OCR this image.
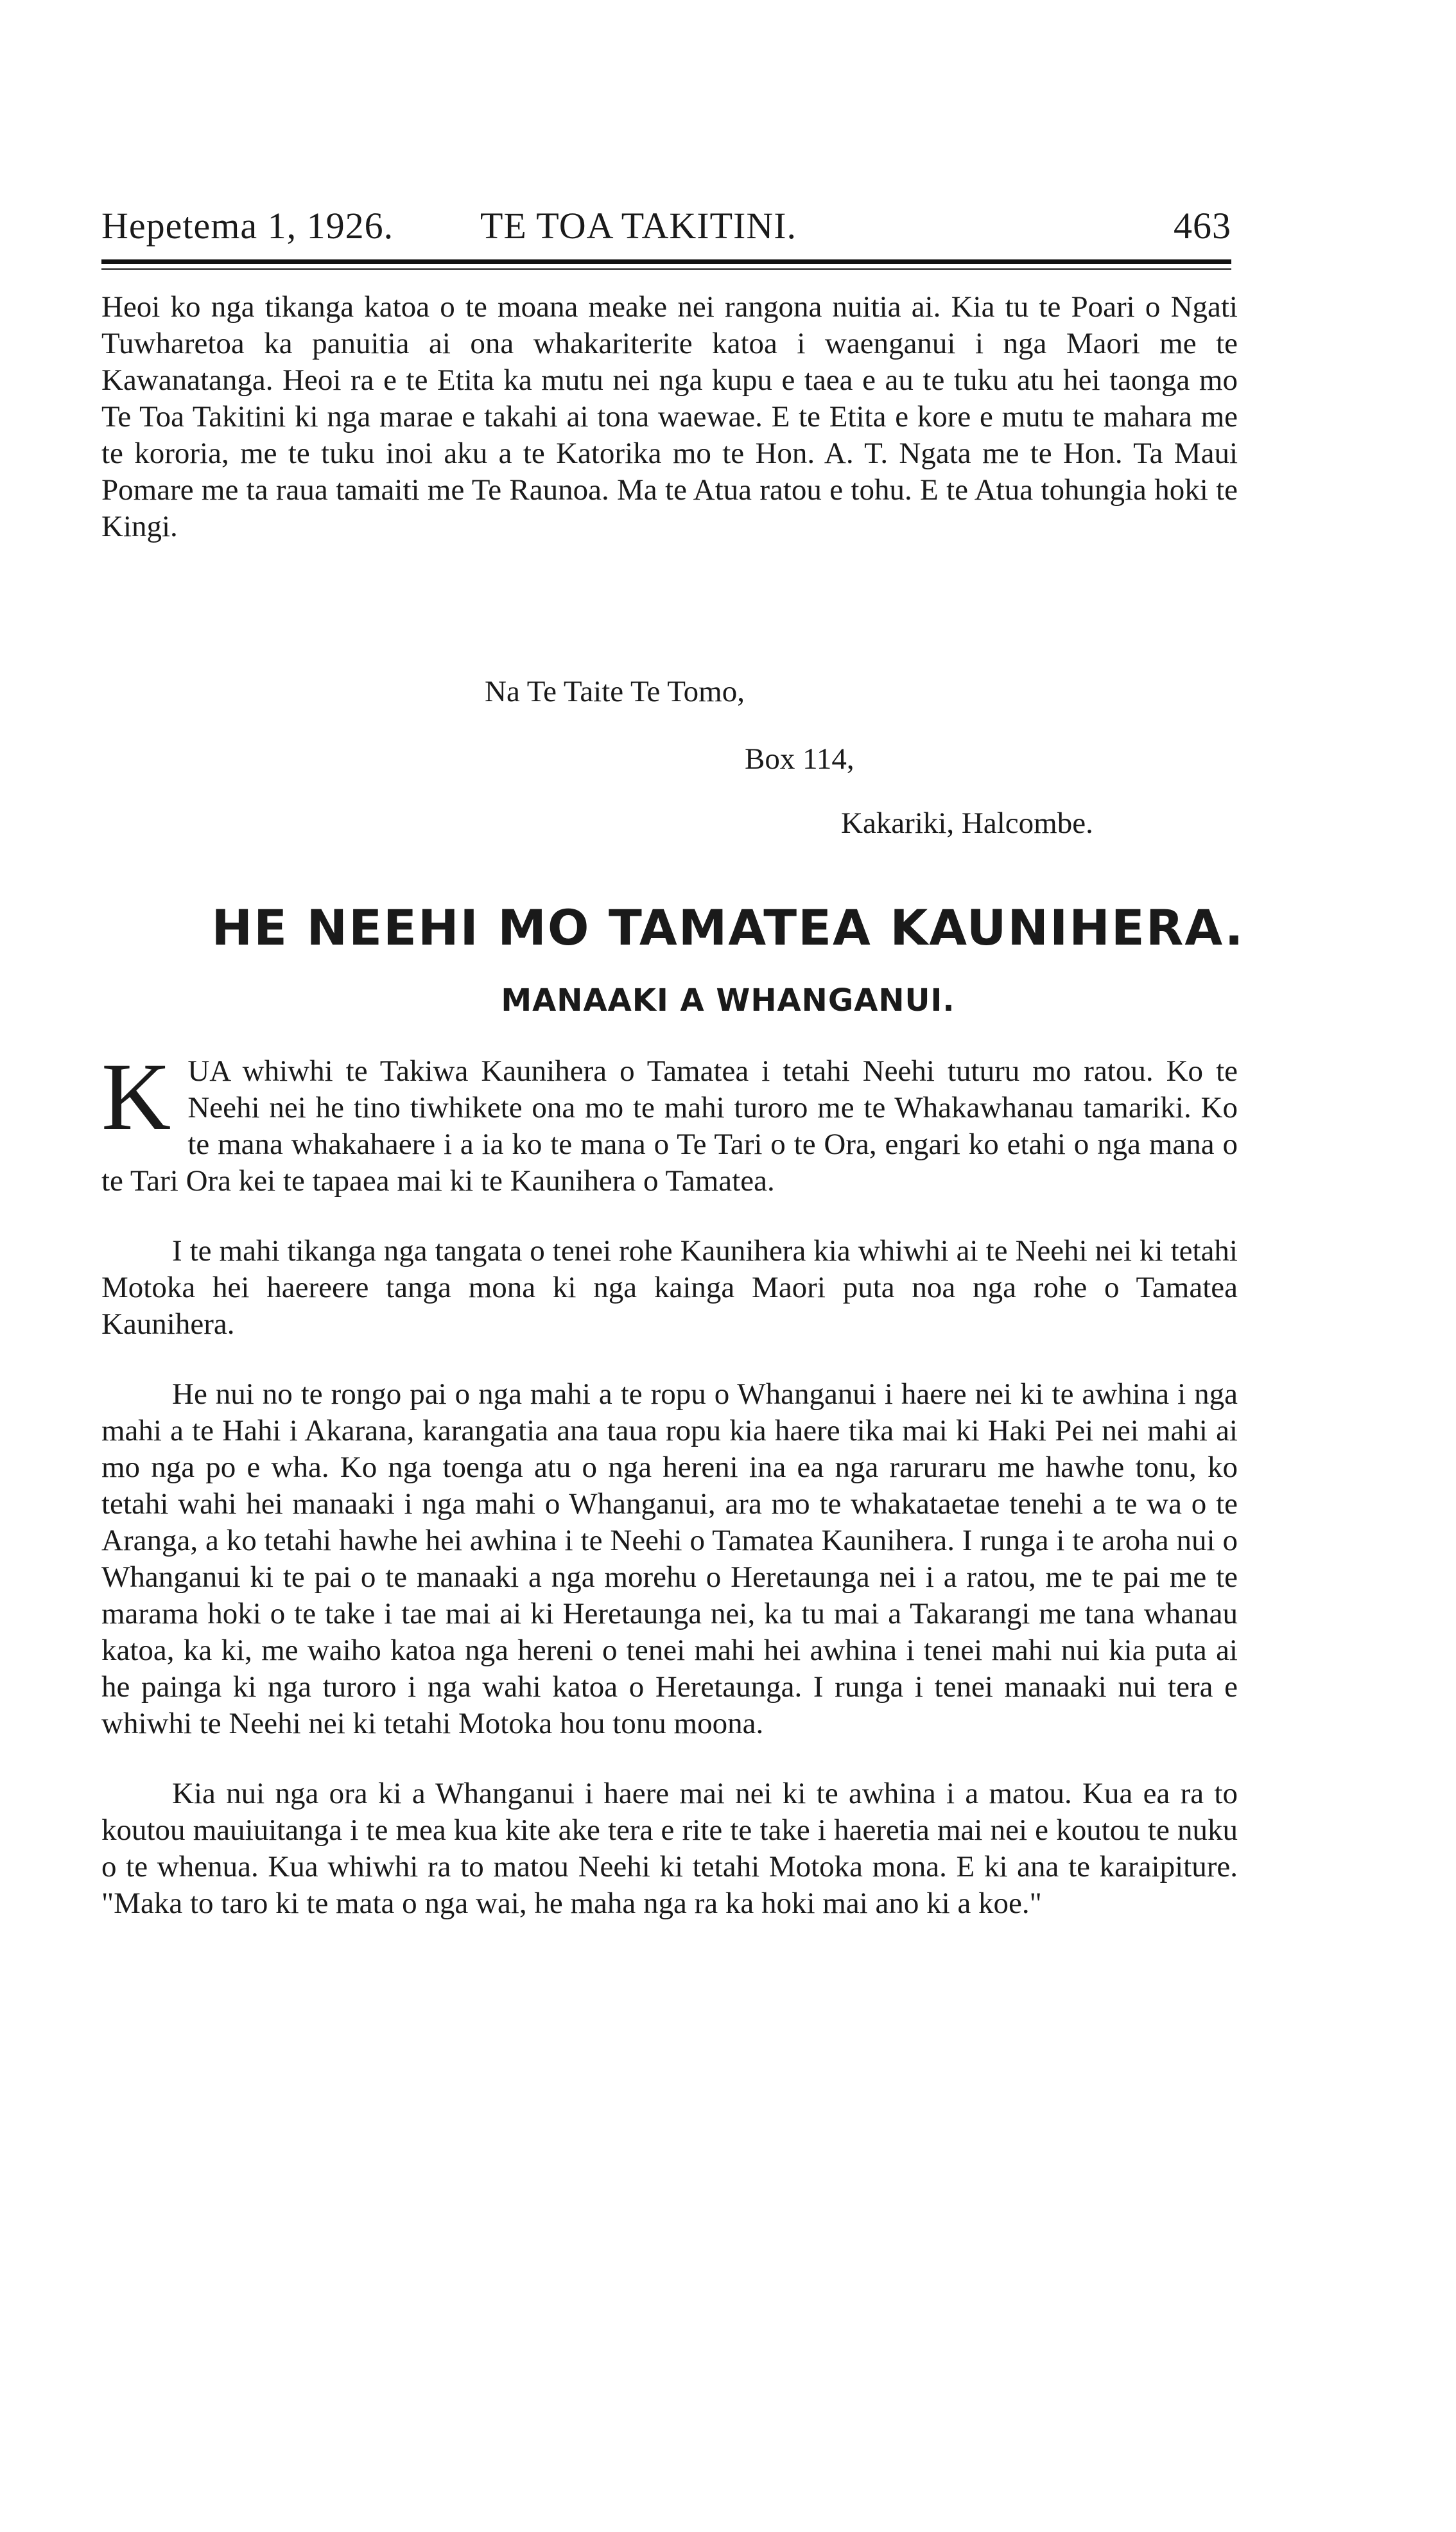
Hepetema 1, 1926. TE TOA TAKITINI.	463

Heoi ko nga tikanga katoa o te moana meake nei rangona nuitia ai. Kia tu te Poari o Ngati Tuwharetoa ka panuitia ai ona whakariterite katoa i waenganui i nga Maori me te Kawanatanga. Heoi ra e te Etita ka mutu nei nga kupu e taea e au te tuku atu hei taonga mo Te Toa Takitini ki nga marae e takahi ai tona waewae. E te Etita e kore e mutu te mahara me te kororia, me te tuku inoi aku a te Katorika mo te Hon. A. T. Ngata me te Hon. Ta Maui Pomare me ta raua tamaiti me Te Raunoa. Ma te Atua ratou e tohu. E te Atua tohungia hoki te Kingi.

Na Te Taite Te Tomo,
Box 114,
Kakariki, Halcombe.
HE NEEHI MO TAMATEA KAUNIHERA.
MANAAKI A WHANGANUI.

KUA whiwhi te Takiwa Kaunihera o Tamatea i tetahi Neehi tuturu mo ratou. Ko te Neehi nei he tino tiwhikete ona mo te mahi turoro me te Whakawhanau tamariki. Ko te mana whakahaere i a ia ko te mana o Te Tari o te Ora, engari ko etahi o nga mana o te Tari Ora kei te tapaea mai ki te Kaunihera o Tamatea.

I te mahi tikanga nga tangata o tenei rohe Kaunihera kia whiwhi ai te Neehi nei ki tetahi Motoka hei haereere tanga mona ki nga kainga Maori puta noa nga rohe o Tamatea Kaunihera.

He nui no te rongo pai o nga mahi a te ropu o Whanganui i haere nei ki te awhina i nga mahi a te Hahi i Akarana, karangatia ana taua ropu kia haere tika mai ki Haki Pei nei mahi ai mo nga po e wha. Ko nga toenga atu o nga hereni ina ea nga raruraru me hawhe tonu, ko tetahi wahi hei manaaki i nga mahi o Whanganui, ara mo te whakataetae tenehi a te wa o te Aranga, a ko tetahi hawhe hei awhina i te Neehi o Tamatea Kaunihera. I runga i te aroha nui o Whanganui ki te pai o te manaaki a nga morehu o Heretaunga nei i a ratou, me te pai me te marama hoki o te take i tae mai ai ki Heretaunga nei, ka tu mai a Takarangi me tana whanau katoa, ka ki, me waiho katoa nga hereni o tenei mahi hei awhina i tenei mahi nui kia puta ai he painga ki nga turoro i nga wahi katoa o Heretaunga. I runga i tenei manaaki nui tera e whiwhi te Neehi nei ki tetahi Motoka hou tonu moona.

Kia nui nga ora ki a Whanganui i haere mai nei ki te awhina i a matou. Kua ea ra to koutou mauiuitanga i te mea kua kite ake tera e rite te take i haeretia mai nei e koutou te nuku o te whenua. Kua whiwhi ra to matou Neehi ki tetahi Motoka mona. E ki ana te karaipiture. "Maka to taro ki te mata o nga wai, he maha nga ra ka hoki mai ano ki a koe."
